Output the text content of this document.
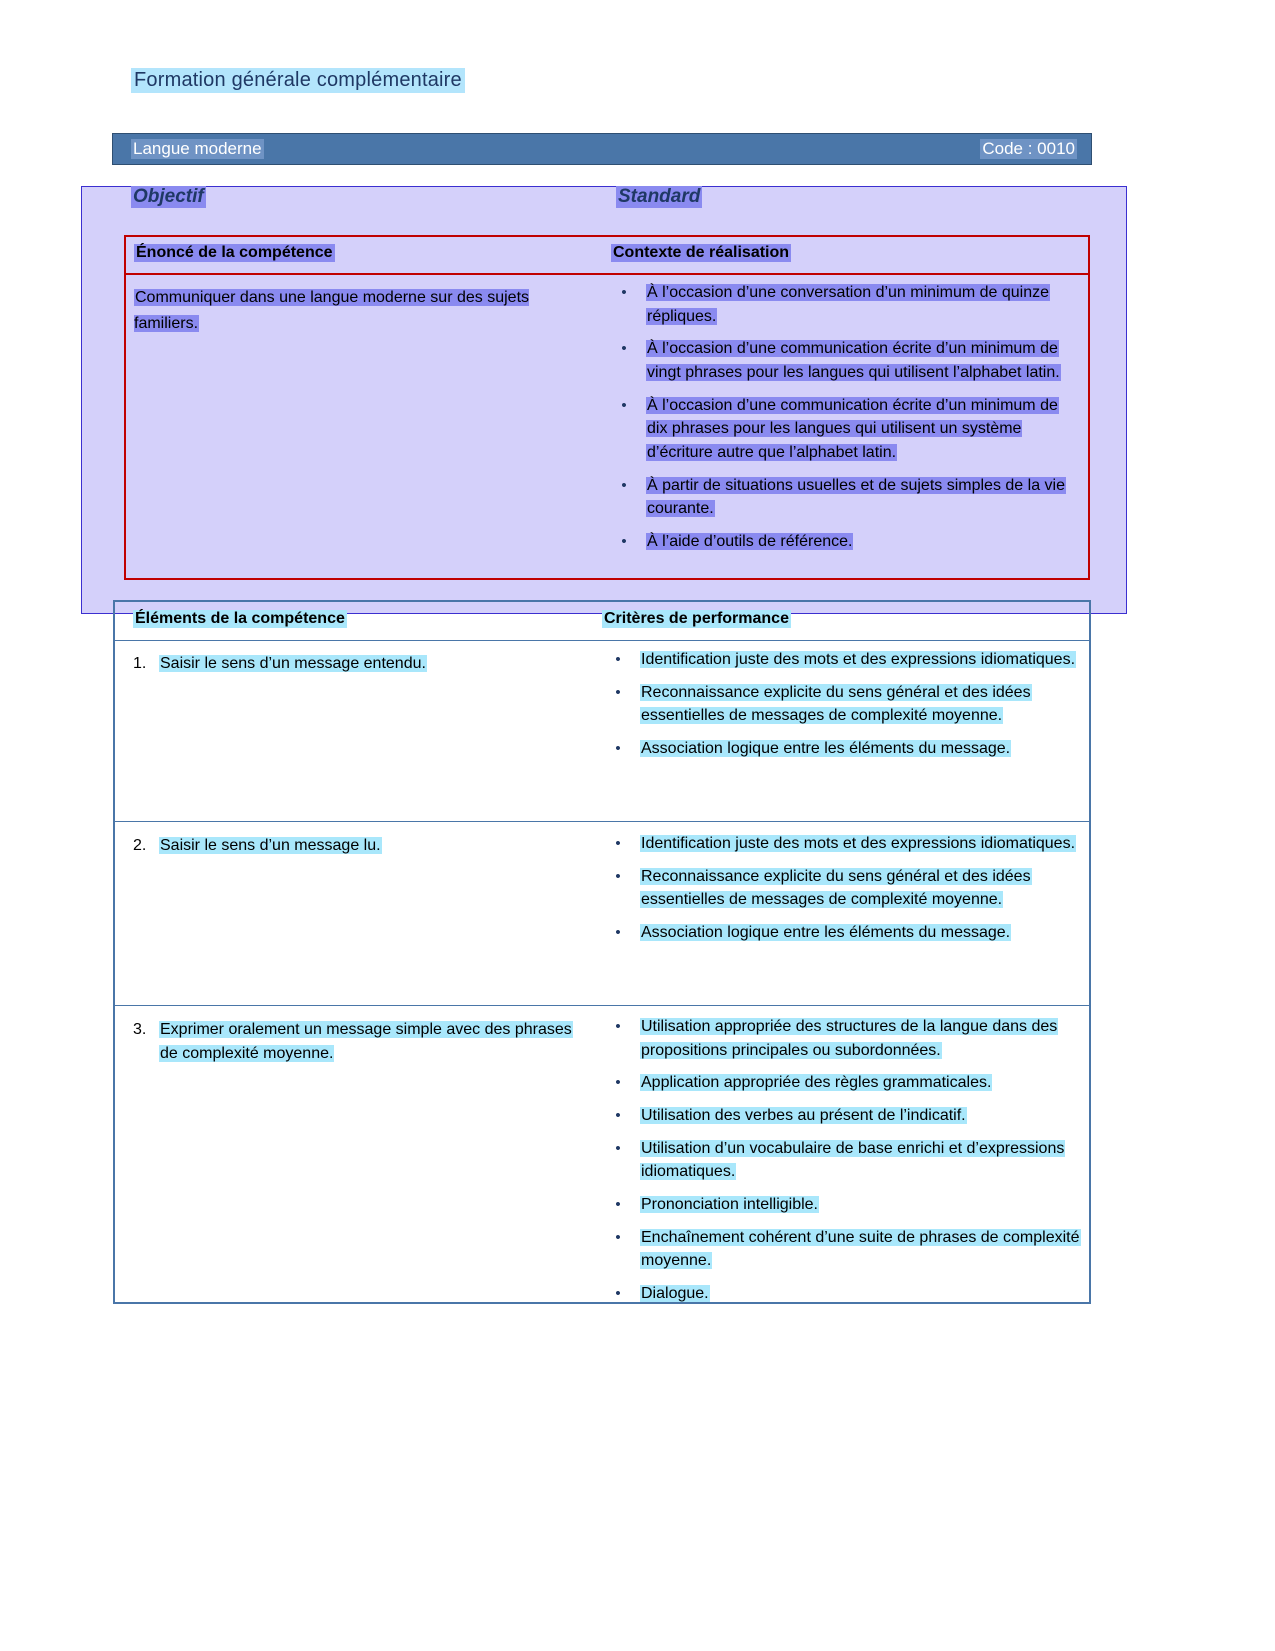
Formation générale complémentaire
Langue moderne	Code : 0010
Objectif	Standard
Énoncé de la compétence	Contexte de réalisation
Communiquer dans une langue moderne sur des sujets familiers.
•	À l’occasion d’une conversation d’un minimum de quinze répliques.
•	À l’occasion d’une communication écrite d’un minimum de vingt phrases pour les langues qui utilisent l’alphabet latin.
•	À l’occasion d’une communication écrite d’un minimum de dix phrases pour les langues qui utilisent un système d’écriture autre que l’alphabet latin.
•	À partir de situations usuelles et de sujets simples de la vie courante.
•	À l’aide d’outils de référence.
Éléments de la compétence	Critères de performance
1. Saisir le sens d’un message entendu.	•	Identification juste des mots et des expressions idiomatiques.
•	Reconnaissance explicite du sens général et des idées essentielles de messages de complexité moyenne.
•	Association logique entre les éléments du message.
2. Saisir le sens d’un message lu.	•	Identification juste des mots et des expressions idiomatiques.
•	Reconnaissance explicite du sens général et des idées essentielles de messages de complexité moyenne.
•	Association logique entre les éléments du message.
3. Exprimer oralement un message simple avec des phrases de complexité moyenne.
•	Utilisation appropriée des structures de la langue dans des propositions principales ou subordonnées.
•	Application appropriée des règles grammaticales.
•	Utilisation des verbes au présent de l’indicatif.
•	Utilisation d’un vocabulaire de base enrichi et d’expressions idiomatiques.
•	Prononciation intelligible.
•	Enchaînement cohérent d’une suite de phrases de complexité moyenne.
•	Dialogue.
